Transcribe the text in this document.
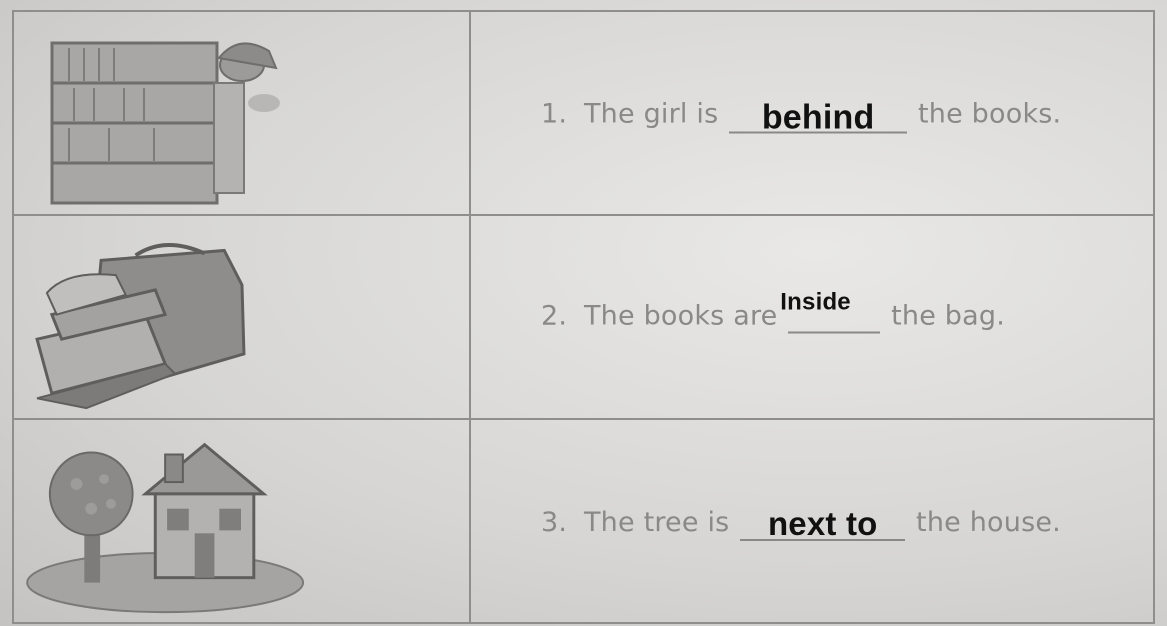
1. The girl is behind the books.

2. The books are Inside the bag.

3. The tree is next to the house.
